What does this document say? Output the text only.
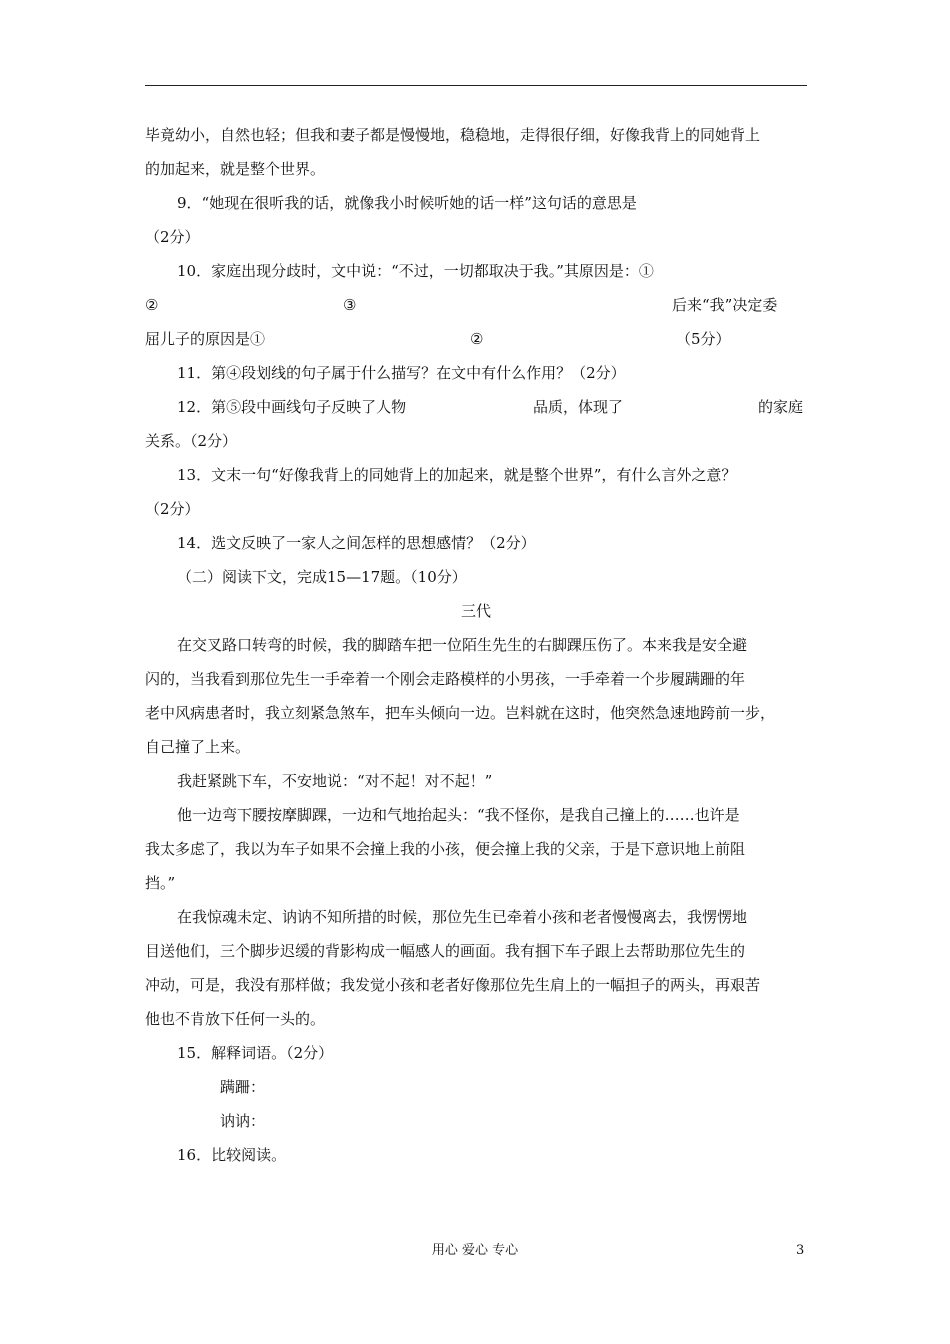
毕竟幼小，自然也轻；但我和妻子都是慢慢地，稳稳地，走得很仔细，好像我背上的同她背上

的加起来，就是整个世界。

9．“她现在很听我的话，就像我小时候听她的话一样”这句话的意思是

（2分）

10．家庭出现分歧时，文中说：“不过，一切都取决于我。”其原因是：①

②	③	后来“我”决定委
屈儿子的原因是①	②	（5分）

11．第④段划线的句子属于什么描写？在文中有什么作用？（2分）

12．第⑤段中画线句子反映了人物	品质，体现了	的家庭

关系。（2分）

13．文末一句“好像我背上的同她背上的加起来，就是整个世界”，有什么言外之意？

（2分）

14．选文反映了一家人之间怎样的思想感情？（2分）

（二）阅读下文，完成15—17题。（10分）

三代

在交叉路口转弯的时候，我的脚踏车把一位陌生先生的右脚踝压伤了。本来我是安全避

闪的，当我看到那位先生一手牵着一个刚会走路模样的小男孩，一手牵着一个步履蹒跚的年

老中风病患者时，我立刻紧急煞车，把车头倾向一边。岂料就在这时，他突然急速地跨前一步，

自己撞了上来。

我赶紧跳下车，不安地说：“对不起！对不起！”

他一边弯下腰按摩脚踝，一边和气地抬起头：“我不怪你，是我自己撞上的……也许是

我太多虑了，我以为车子如果不会撞上我的小孩，便会撞上我的父亲，于是下意识地上前阻

挡。”

在我惊魂未定、讷讷不知所措的时候，那位先生已牵着小孩和老者慢慢离去，我愣愣地

目送他们，三个脚步迟缓的背影构成一幅感人的画面。我有掴下车子跟上去帮助那位先生的

冲动，可是，我没有那样做；我发觉小孩和老者好像那位先生肩上的一幅担子的两头，再艰苦

他也不肯放下任何一头的。

15．解释词语。（2分）

蹒跚：

讷讷：

16．比较阅读。

用心 爱心 专心	3
